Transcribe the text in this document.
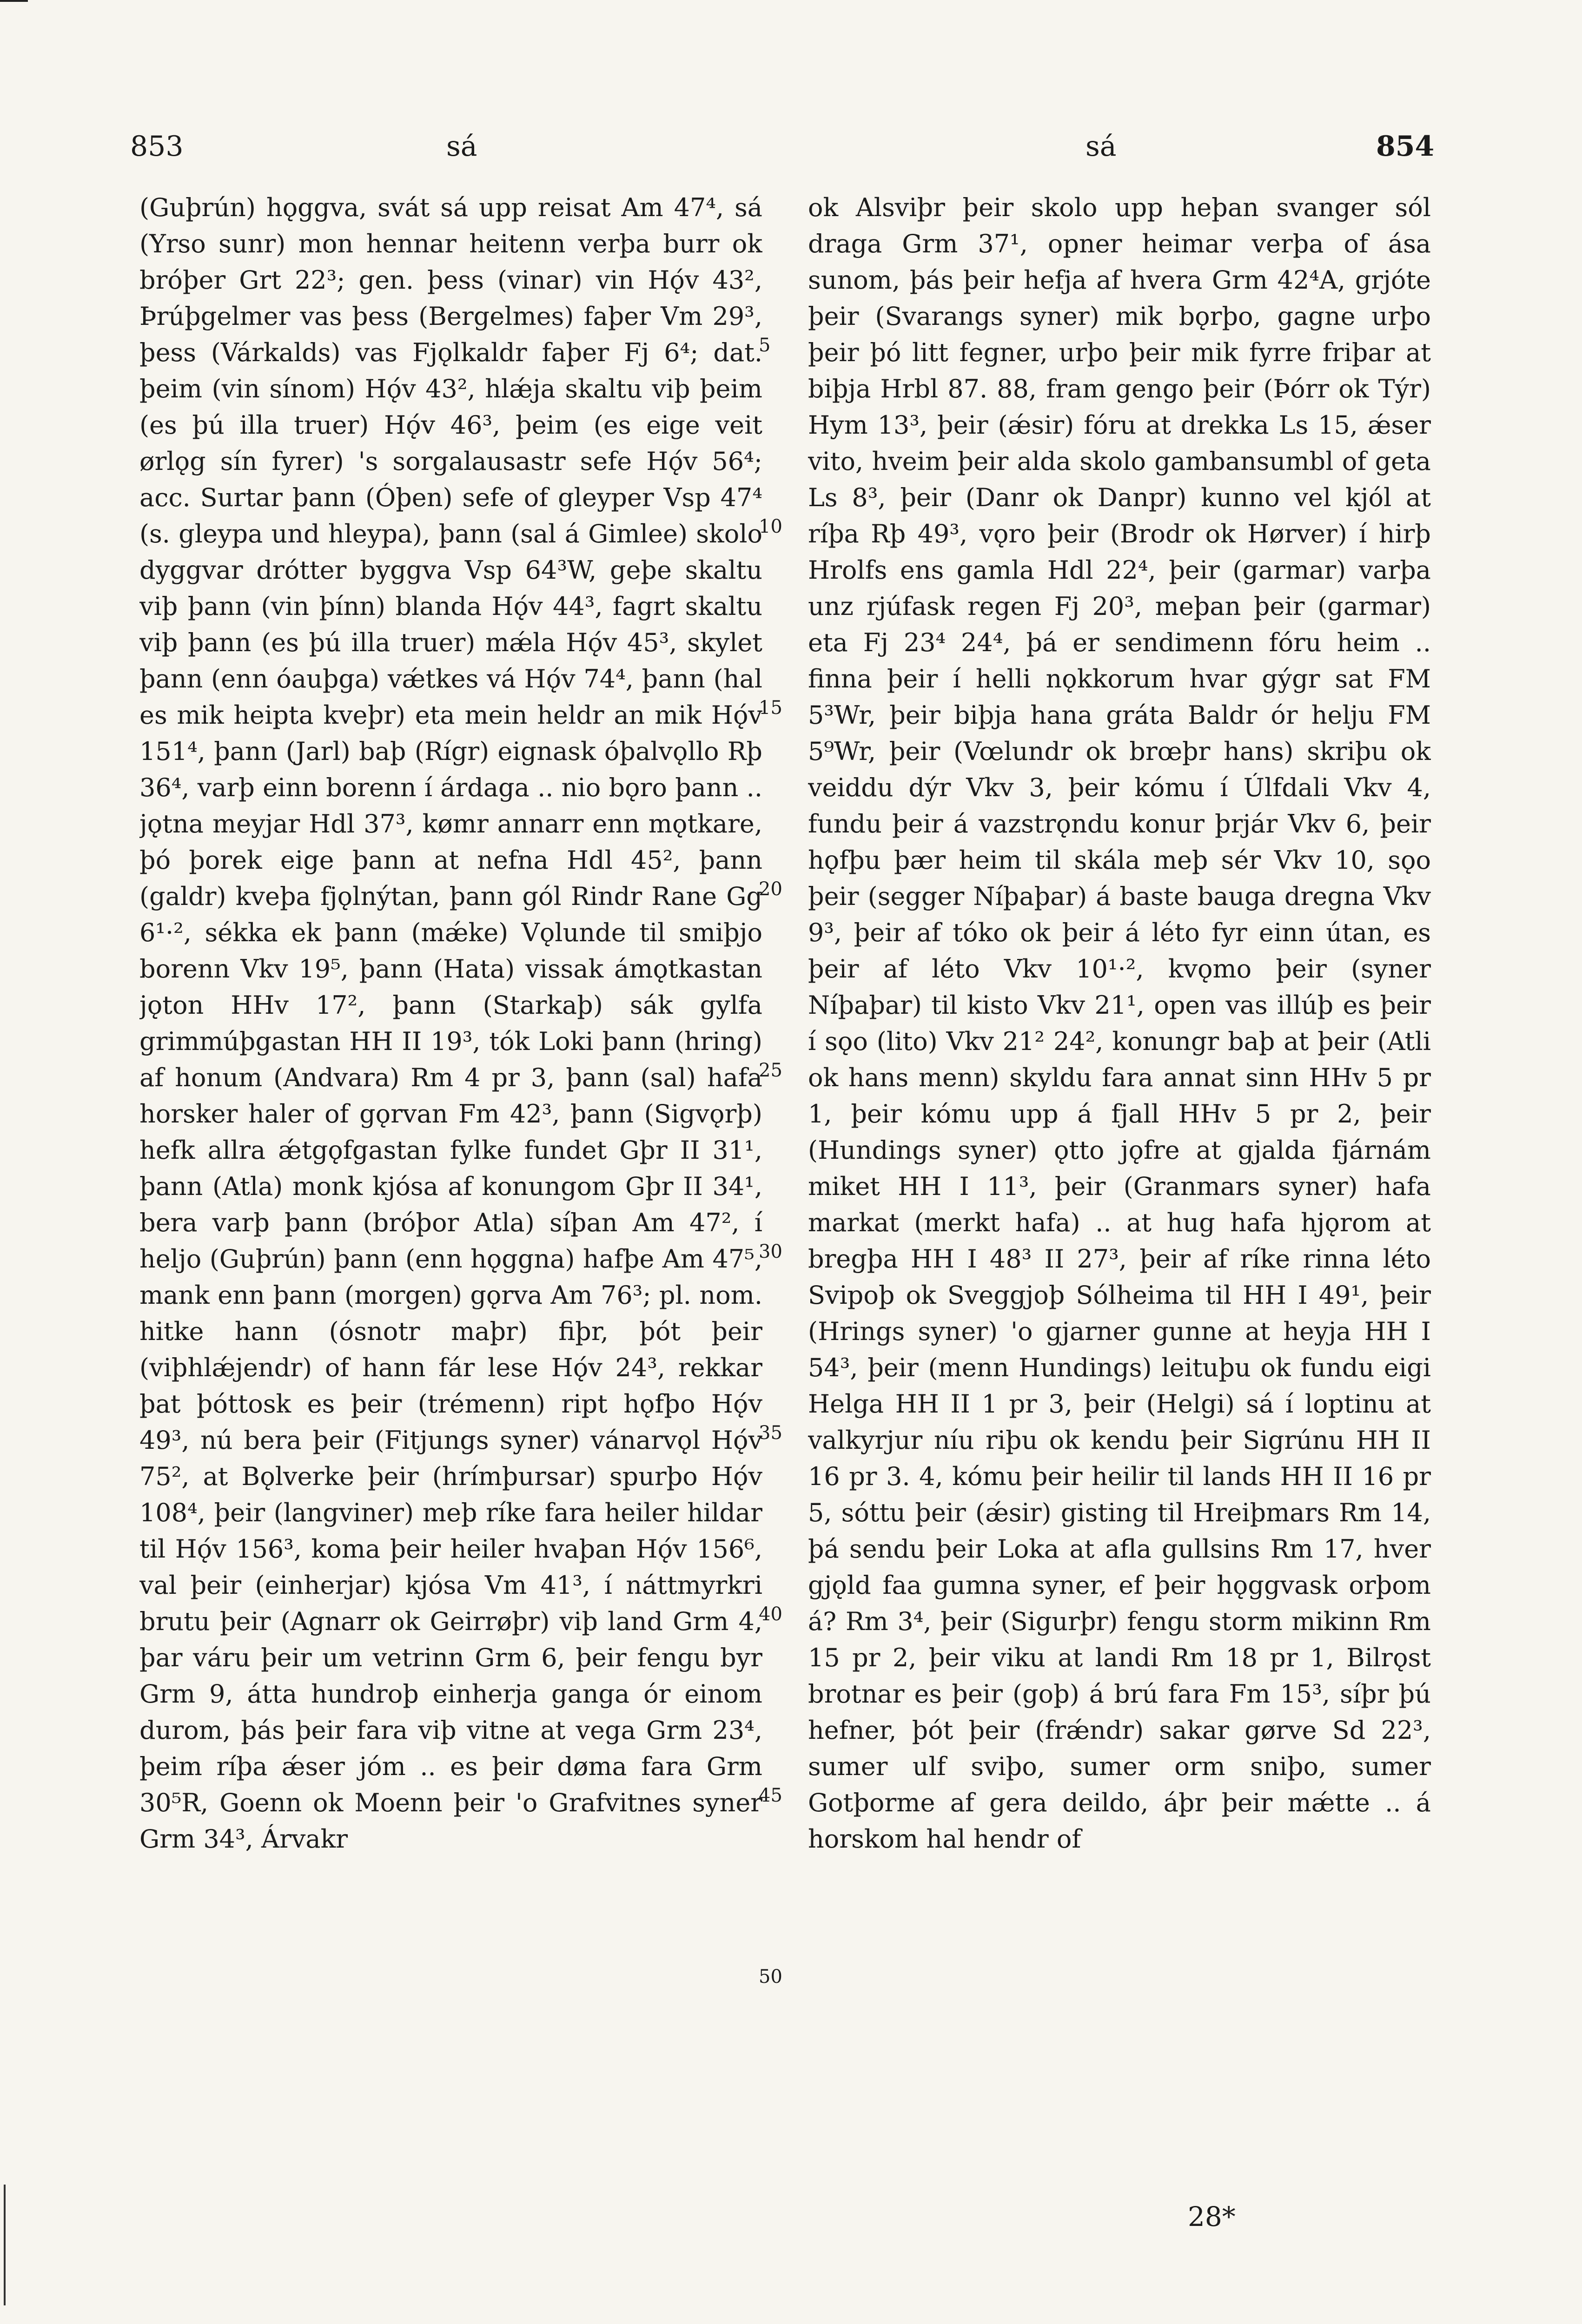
853	sá	sá	854
(Guþrún) hǫggva, svát sá upp reisat Am 47⁴, sá (Yrso sunr) mon hennar heitenn verþa burr ok bróþer Grt 22³; gen. þess (vinar) vin Hǫ́v 43², Þrúþgelmer vas þess (Bergelmes) faþer Vm 29³, þess (Várkalds) vas Fjǫlkaldr faþer Fj 6⁴; dat. þeim (vin sínom) Hǫ́v 43², hlǽja skaltu viþ þeim (es þú illa truer) Hǫ́v 46³, þeim (es eige veit ørlǫg sín fyrer) 's sorgalausastr sefe Hǫ́v 56⁴; acc. Surtar þann (Óþen) sefe of gleyper Vsp 47⁴ (s. gleypa und hleypa), þann (sal á Gimlee) skolo dyggvar drótter byggva Vsp 64³W, geþe skaltu viþ þann (vin þínn) blanda Hǫ́v 44³, fagrt skaltu viþ þann (es þú illa truer) mǽla Hǫ́v 45³, skylet þann (enn óauþga) vǽtkes vá Hǫ́v 74⁴, þann (hal es mik heipta kveþr) eta mein heldr an mik Hǫ́v 151⁴, þann (Jarl) baþ (Rígr) eignask óþalvǫllo Rþ 36⁴, varþ einn borenn í árdaga .. nio bǫro þann .. jǫtna meyjar Hdl 37³, kømr annarr enn mǫtkare, þó þorek eige þann at nefna Hdl 45², þann (galdr) kveþa fjǫlnýtan, þann gól Rindr Rane Gg 6¹·², sékka ek þann (mǽke) Vǫlunde til smiþjo borenn Vkv 19⁵, þann (Hata) vissak ámǫtkastan jǫton HHv 17², þann (Starkaþ) sák gylfa grimmúþgastan HH II 19³, tók Loki þann (hring) af honum (Andvara) Rm 4 pr 3, þann (sal) hafa horsker haler of gǫrvan Fm 42³, þann (Sigvǫrþ) hefk allra ǽtgǫfgastan fylke fundet Gþr II 31¹, þann (Atla) monk kjósa af konungom Gþr II 34¹, bera varþ þann (bróþor Atla) síþan Am 47², í heljo (Guþrún) þann (enn hǫggna) hafþe Am 47⁵, mank enn þann (morgen) gǫrva Am 76³; pl. nom. hitke hann (ósnotr maþr) fiþr, þót þeir (viþhlǽjendr) of hann fár lese Hǫ́v 24³, rekkar þat þóttosk es þeir (trémenn) ript hǫfþo Hǫ́v 49³, nú bera þeir (Fitjungs syner) vánarvǫl Hǫ́v 75², at Bǫlverke þeir (hrímþursar) spurþo Hǫ́v 108⁴, þeir (langviner) meþ ríke fara heiler hildar til Hǫ́v 156³, koma þeir heiler hvaþan Hǫ́v 156⁶, val þeir (einherjar) kjósa Vm 41³, í náttmyrkri brutu þeir (Agnarr ok Geirrøþr) viþ land Grm 4, þar váru þeir um vetrinn Grm 6, þeir fengu byr Grm 9, átta hundroþ einherja ganga ór einom durom, þás þeir fara viþ vitne at vega Grm 23⁴, þeim ríþa ǽser jóm .. es þeir døma fara Grm 30⁵R, Goenn ok Moenn þeir 'o Grafvitnes syner Grm 34³, Árvakr
5
10
15
20
25
30
35
40
45
50
ok Alsviþr þeir skolo upp heþan svanger sól draga Grm 37¹, opner heimar verþa of ása sunom, þás þeir hefja af hvera Grm 42⁴A, grjóte þeir (Svarangs syner) mik bǫrþo, gagne urþo þeir þó litt fegner, urþo þeir mik fyrre friþar at biþja Hrbl 87. 88, fram gengo þeir (Þórr ok Týr) Hym 13³, þeir (ǽsir) fóru at drekka Ls 15, ǽser vito, hveim þeir alda skolo gambansumbl of geta Ls 8³, þeir (Danr ok Danpr) kunno vel kjól at ríþa Rþ 49³, vǫro þeir (Brodr ok Hørver) í hirþ Hrolfs ens gamla Hdl 22⁴, þeir (garmar) varþa unz rjúfask regen Fj 20³, meþan þeir (garmar) eta Fj 23⁴ 24⁴, þá er sendimenn fóru heim .. finna þeir í helli nǫkkorum hvar gýgr sat FM 5³Wr, þeir biþja hana gráta Baldr ór helju FM 5⁹Wr, þeir (Vœlundr ok brœþr hans) skriþu ok veiddu dýr Vkv 3, þeir kómu í Úlfdali Vkv 4, fundu þeir á vazstrǫndu konur þrjár Vkv 6, þeir hǫfþu þær heim til skála meþ sér Vkv 10, sǫo þeir (segger Níþaþar) á baste bauga dregna Vkv 9³, þeir af tóko ok þeir á léto fyr einn útan, es þeir af léto Vkv 10¹·², kvǫmo þeir (syner Níþaþar) til kisto Vkv 21¹, open vas illúþ es þeir í sǫo (lito) Vkv 21² 24², konungr baþ at þeir (Atli ok hans menn) skyldu fara annat sinn HHv 5 pr 1, þeir kómu upp á fjall HHv 5 pr 2, þeir (Hundings syner) ǫtto jǫfre at gjalda fjárnám miket HH I 11³, þeir (Granmars syner) hafa markat (merkt hafa) .. at hug hafa hjǫrom at bregþa HH I 48³ II 27³, þeir af ríke rinna léto Svipoþ ok Sveggjoþ Sólheima til HH I 49¹, þeir (Hrings syner) 'o gjarner gunne at heyja HH I 54³, þeir (menn Hundings) leituþu ok fundu eigi Helga HH II 1 pr 3, þeir (Helgi) sá í loptinu at valkyrjur níu riþu ok kendu þeir Sigrúnu HH II 16 pr 3. 4, kómu þeir heilir til lands HH II 16 pr 5, sóttu þeir (ǽsir) gisting til Hreiþmars Rm 14, þá sendu þeir Loka at afla gullsins Rm 17, hver gjǫld faa gumna syner, ef þeir hǫggvask orþom á? Rm 3⁴, þeir (Sigurþr) fengu storm mikinn Rm 15 pr 2, þeir viku at landi Rm 18 pr 1, Bilrǫst brotnar es þeir (goþ) á brú fara Fm 15³, síþr þú hefner, þót þeir (frǽndr) sakar gørve Sd 22³, sumer ulf sviþo, sumer orm sniþo, sumer Gotþorme af gera deildo, áþr þeir mǽtte .. á horskom hal hendr of
28*
